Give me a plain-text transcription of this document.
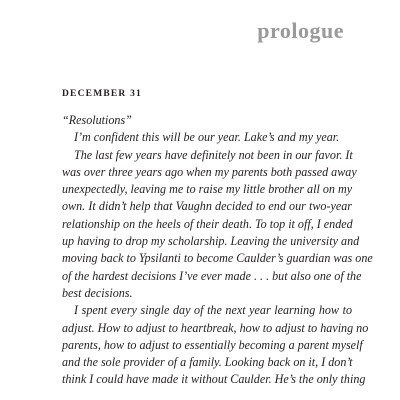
prologue
DECEMBER 31
“Resolutions”
I’m confident this will be our year. Lake’s and my year.
The last few years have definitely not been in our favor. It
was over three years ago when my parents both passed away
unexpectedly, leaving me to raise my little brother all on my
own. It didn’t help that Vaughn decided to end our two-year
relationship on the heels of their death. To top it off, I ended
up having to drop my scholarship. Leaving the university and
moving back to Ypsilanti to become Caulder’s guardian was one
of the hardest decisions I’ve ever made . . . but also one of the
best decisions.
I spent every single day of the next year learning how to
adjust. How to adjust to heartbreak, how to adjust to having no
parents, how to adjust to essentially becoming a parent myself
and the sole provider of a family. Looking back on it, I don’t
think I could have made it without Caulder. He’s the only thing
